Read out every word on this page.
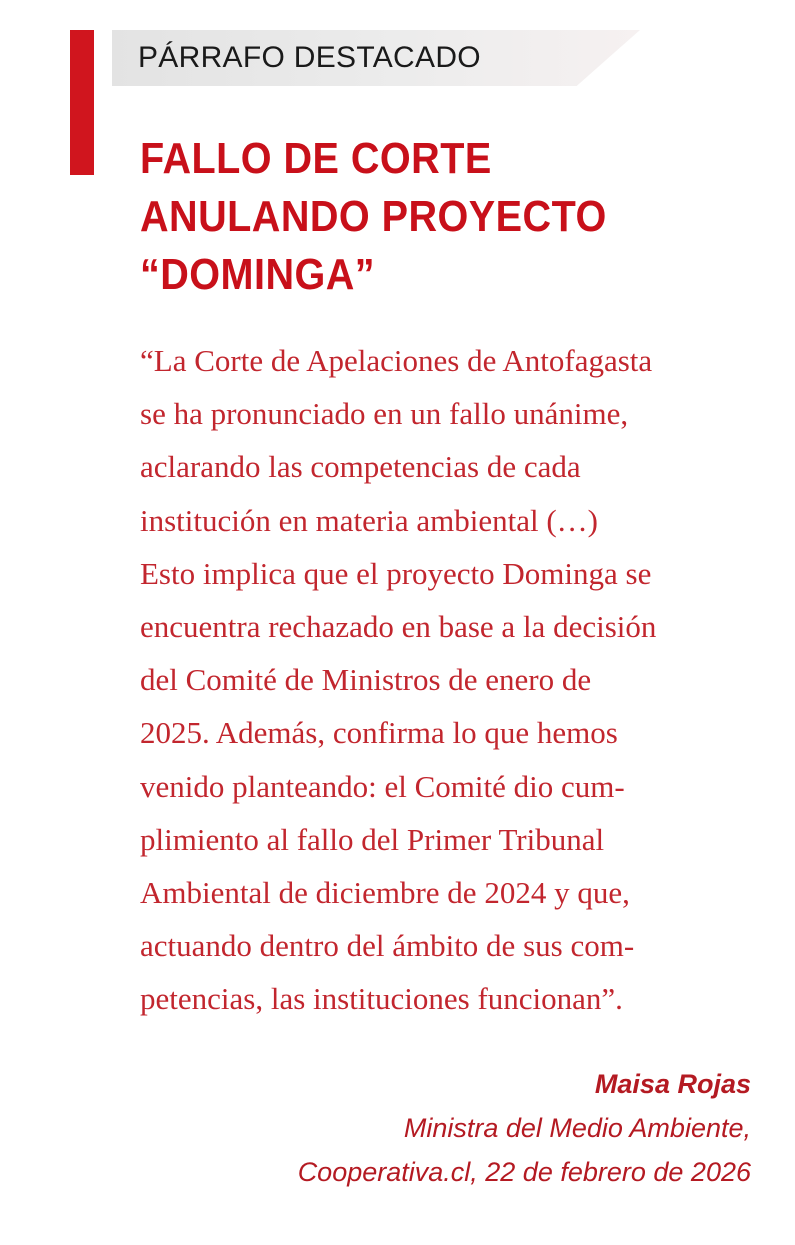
PÁRRAFO DESTACADO
FALLO DE CORTE
ANULANDO PROYECTO
“DOMINGA”
“La Corte de Apelaciones de Antofagasta
se ha pronunciado en un fallo unánime,
aclarando las competencias de cada
institución en materia ambiental (…)
Esto implica que el proyecto Dominga se
encuentra rechazado en base a la decisión
del Comité de Ministros de enero de
2025. Además, confirma lo que hemos
venido planteando: el Comité dio cum-
plimiento al fallo del Primer Tribunal
Ambiental de diciembre de 2024 y que,
actuando dentro del ámbito de sus com-
petencias, las instituciones funcionan”.
Maisa Rojas
Ministra del Medio Ambiente,
Cooperativa.cl, 22 de febrero de 2026
